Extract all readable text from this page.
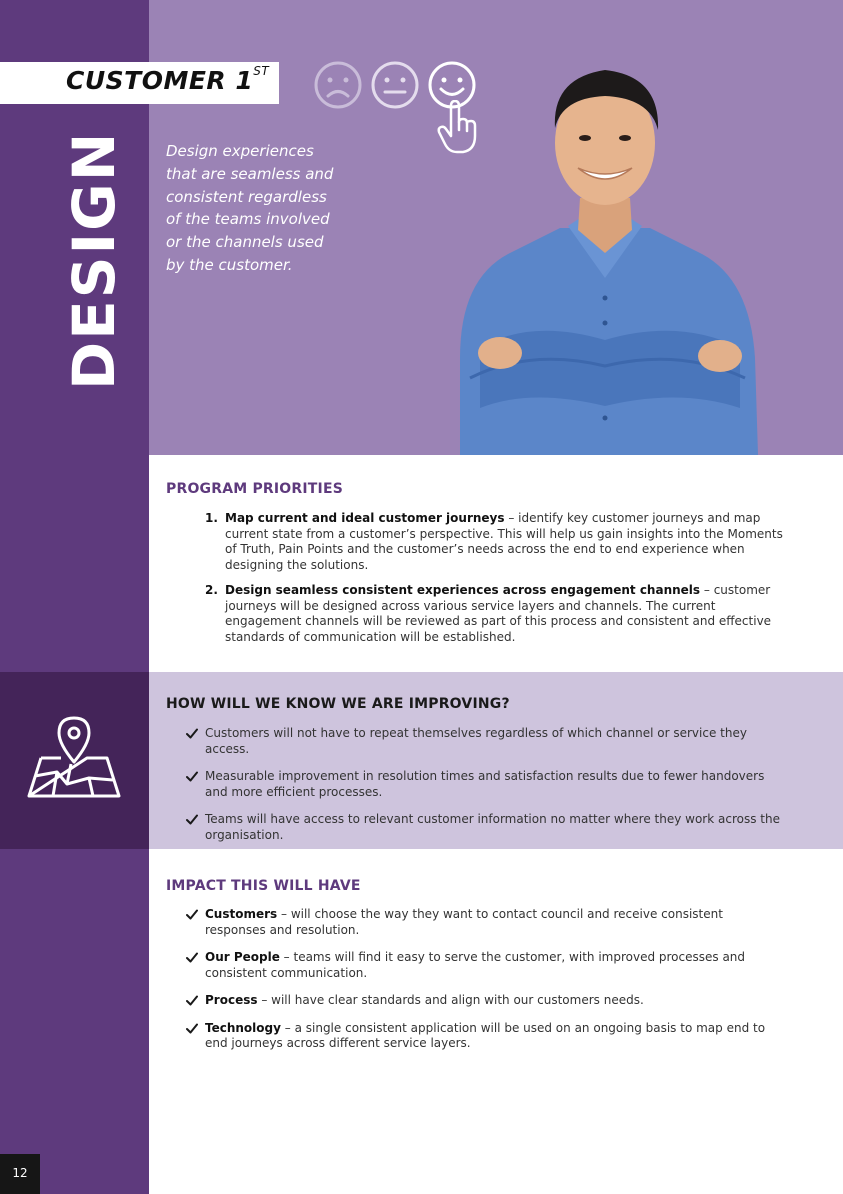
CUSTOMER 1ST
DESIGN	Design experiences
that are seamless and
consistent regardless
of the teams involved
or the channels used
by the customer.
PROGRAM PRIORITIES
1. Map current and ideal customer journeys – identify key customer journeys and map current state from a customer’s perspective. This will help us gain insights into the Moments of Truth, Pain Points and the customer’s needs across the end to end experience when designing the solutions.
2. Design seamless consistent experiences across engagement channels – customer journeys will be designed across various service layers and channels. The current engagement channels will be reviewed as part of this process and consistent and effective standards of communication will be established.
HOW WILL WE KNOW WE ARE IMPROVING?
Customers will not have to repeat themselves regardless of which channel or service they access.
Measurable improvement in resolution times and satisfaction results due to fewer handovers and more efficient processes.
Teams will have access to relevant customer information no matter where they work across the organisation.
IMPACT THIS WILL HAVE
Customers – will choose the way they want to contact council and receive consistent responses and resolution.
Our People – teams will find it easy to serve the customer, with improved processes and consistent communication.
Process – will have clear standards and align with our customers needs.
Technology – a single consistent application will be used on an ongoing basis to map end to end journeys across different service layers.
12
